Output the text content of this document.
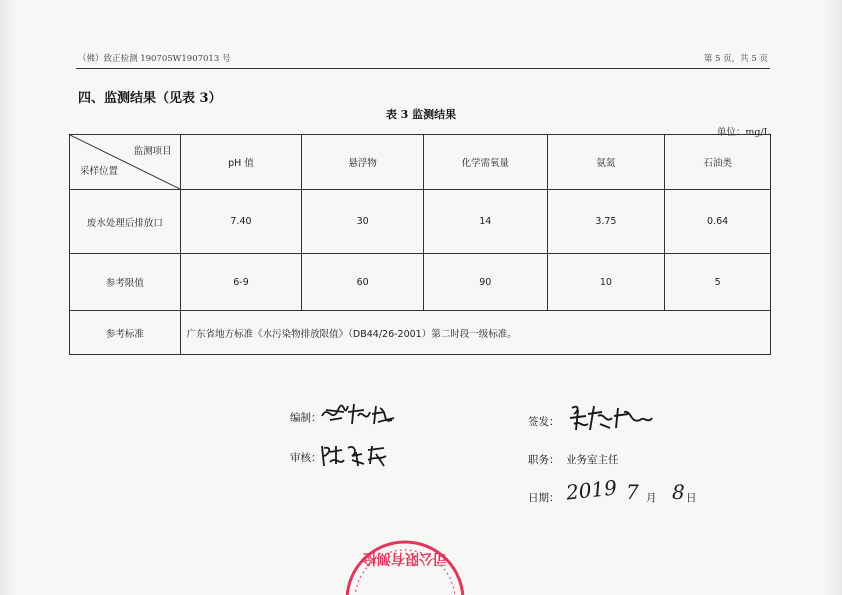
（佛）致正检测 190705W1907013 号	第 5 页，共 5 页
四、监测结果（见表 3）
表 3 监测结果
单位：mg/L
监测项目
采样位置	pH 值	悬浮物	化学需氧量	氨氮	石油类
废水处理后排放口	7.40	30	14	3.75	0.64
参考限值	6-9	60	90	10	5
参考标准	广东省地方标准《水污染物排放限值》（DB44/26-2001）第二时段一级标准。				
编制：
审核：
签发：
职务： 业务室主任
日期： 2019 7 月 8 日
司公限有测检
